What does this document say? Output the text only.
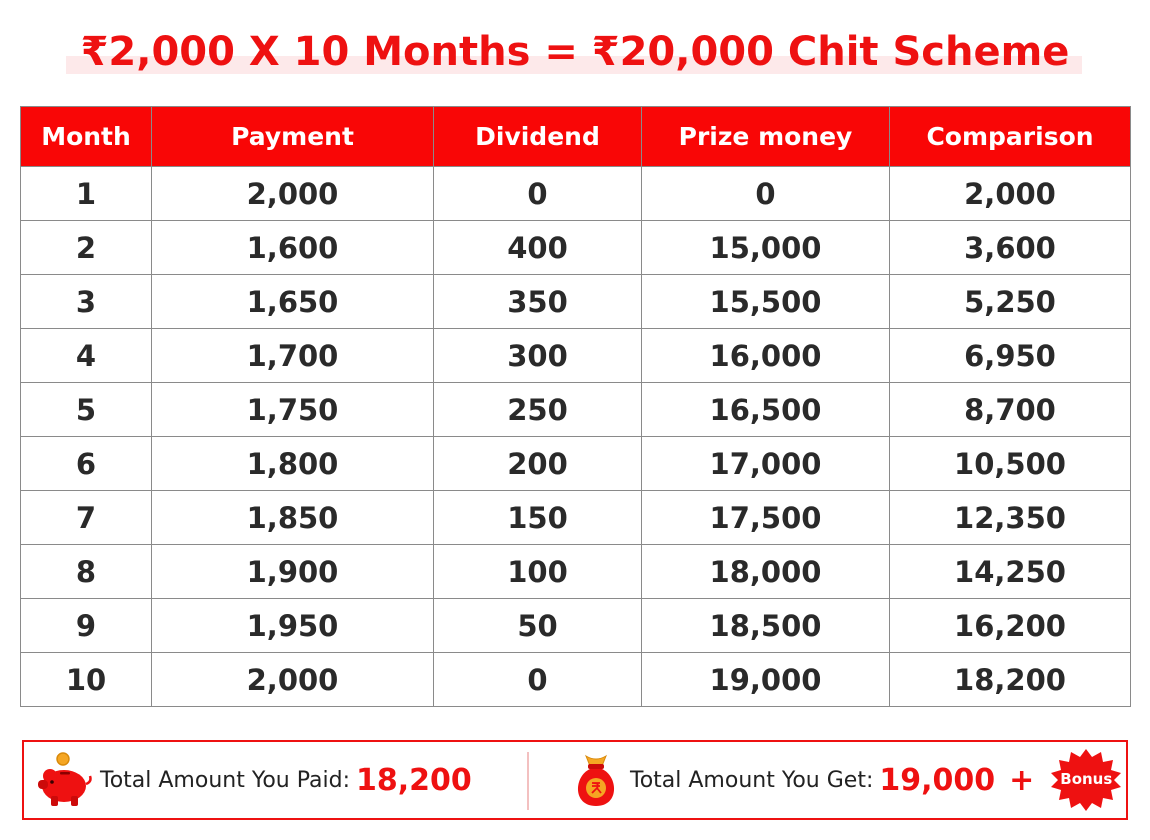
₹2,000 X 10 Months = ₹20,000 Chit Scheme
Month	Payment	Dividend	Prize money	Comparison
1	2,000	0	0	2,000
2	1,600	400	15,000	3,600
3	1,650	350	15,500	5,250
4	1,700	300	16,000	6,950
5	1,750	250	16,500	8,700
6	1,800	200	17,000	10,500
7	1,850	150	17,500	12,350
8	1,900	100	18,000	14,250
9	1,950	50	18,500	16,200
10	2,000	0	19,000	18,200
Total Amount You Paid: 18,200	Total Amount You Get: 19,000 +	Bonus
